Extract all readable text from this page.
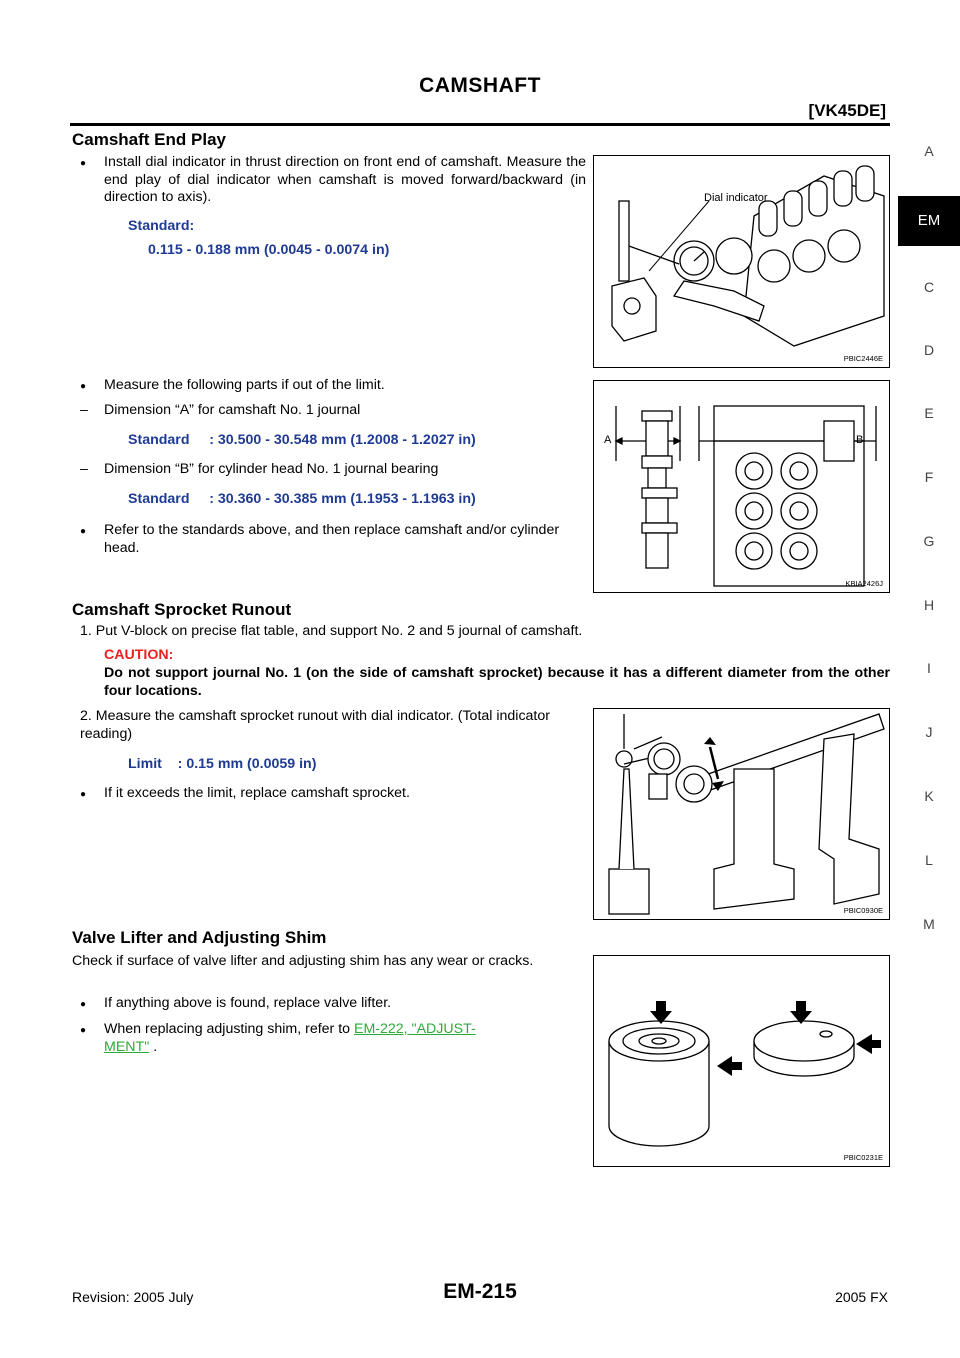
CAMSHAFT
[VK45DE]
A
EM
C
D
E
F
G
H
I
J
K
L
M
Camshaft End Play
● Install dial indicator in thrust direction on front end of camshaft. Measure the end play of dial indicator when camshaft is moved forward/backward (in direction to axis).
Standard:
0.115 - 0.188 mm (0.0045 - 0.0074 in)
Dial indicator
PBIC2446E
● Measure the following parts if out of the limit.
– Dimension “A” for camshaft No. 1 journal
Standard     : 30.500 - 30.548 mm (1.2008 - 1.2027 in)
– Dimension “B” for cylinder head No. 1 journal bearing
Standard     : 30.360 - 30.385 mm (1.1953 - 1.1963 in)
● Refer to the standards above, and then replace camshaft and/or cylinder head.
A	B
KBIA2426J
Camshaft Sprocket Runout
1. Put V-block on precise flat table, and support No. 2 and 5 journal of camshaft.
CAUTION:
Do not support journal No. 1 (on the side of camshaft sprocket) because it has a different diameter from the other four locations.
2. Measure the camshaft sprocket runout with dial indicator. (Total indicator reading)
Limit    : 0.15 mm (0.0059 in)
● If it exceeds the limit, replace camshaft sprocket.
PBIC0930E
Valve Lifter and Adjusting Shim
Check if surface of valve lifter and adjusting shim has any wear or cracks.
● If anything above is found, replace valve lifter.
● When replacing adjusting shim, refer to EM-222, "ADJUST-
MENT" .
PBIC0231E
Revision: 2005 July	EM-215	2005 FX
